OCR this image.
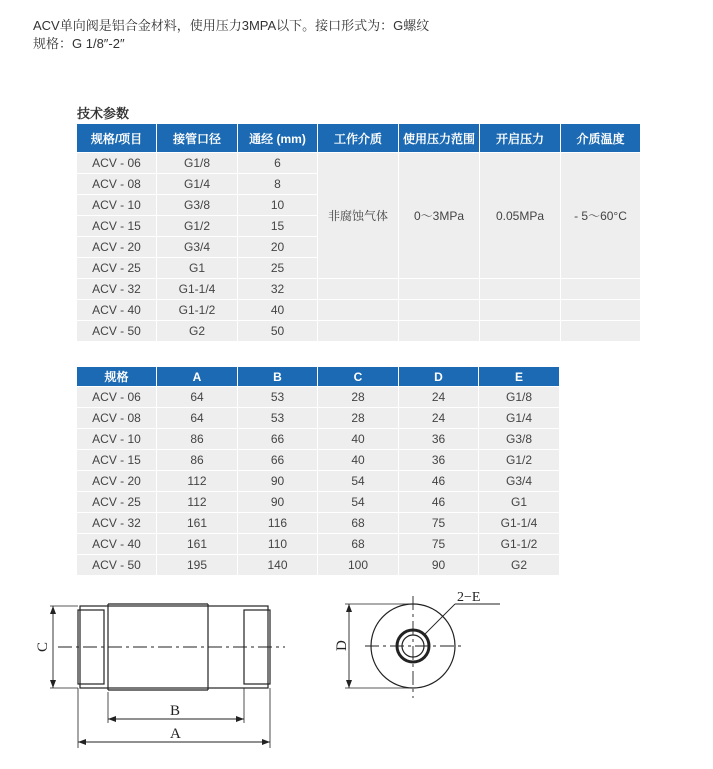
ACV单向阀是铝合金材料，使用压力3MPA以下。接口形式为：G螺纹
规格：G 1/8″-2″
技术参数
规格/项目	接管口径	通经 (mm)	工作介质	使用压力范围	开启压力	介质温度
ACV - 06	G1/8	6	非腐蚀气体	0～3MPa	0.05MPa	- 5～60°C
ACV - 08	G1/4	8				
ACV - 10	G3/8	10				
ACV - 15	G1/2	15				
ACV - 20	G3/4	20				
ACV - 25	G1	25				
ACV - 32	G1-1/4	32				
ACV - 40	G1-1/2	40				
ACV - 50	G2	50				
规格	A	B	C	D	E
ACV - 06	64	53	28	24	G1/8
ACV - 08	64	53	28	24	G1/4
ACV - 10	86	66	40	36	G3/8
ACV - 15	86	66	40	36	G1/2
ACV - 20	112	90	54	46	G3/4
ACV - 25	112	90	54	46	G1
ACV - 32	161	116	68	75	G1-1/4
ACV - 40	161	110	68	75	G1-1/2
ACV - 50	195	140	100	90	G2
C
B
A
D
2−E
